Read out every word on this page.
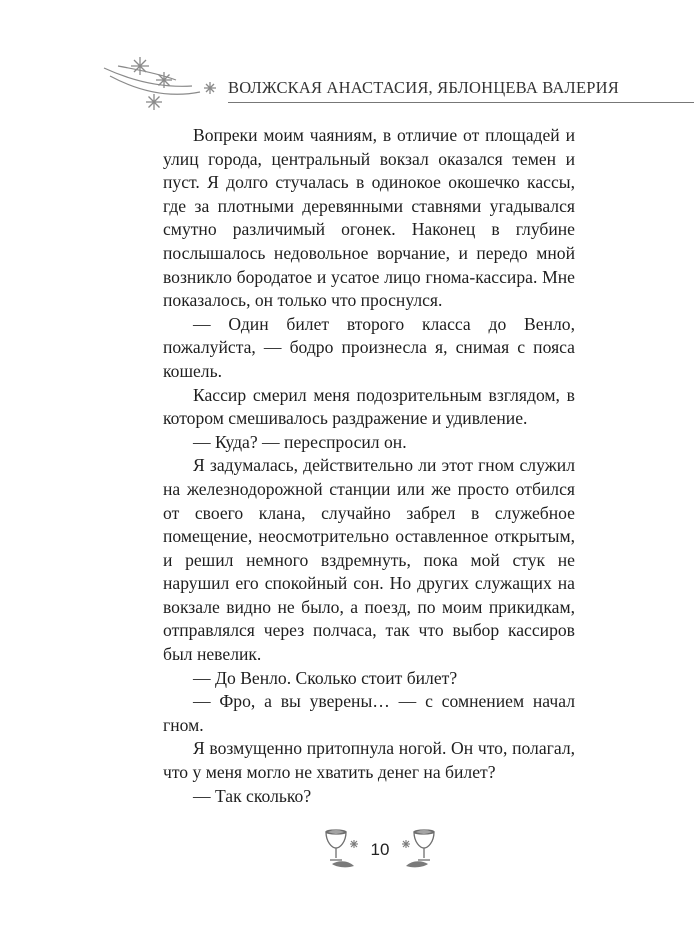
ВОЛЖСКАЯ АНАСТАСИЯ, ЯБЛОНЦЕВА ВАЛЕРИЯ

Вопреки моим чаяниям, в отличие от площадей и улиц города, центральный вокзал оказался темен и пуст. Я долго стучалась в одинокое окошечко кассы, где за плотными деревянными ставнями угадывался смутно различимый огонек. Наконец в глубине послышалось недовольное ворчание, и передо мной возникло бородатое и усатое лицо гнома-кассира. Мне показалось, он только что проснулся.

— Один билет второго класса до Венло, пожалуйста, — бодро произнесла я, снимая с пояса кошель.

Кассир смерил меня подозрительным взглядом, в котором смешивалось раздражение и удивление.

— Куда? — переспросил он.

Я задумалась, действительно ли этот гном служил на железнодорожной станции или же просто отбился от своего клана, случайно забрел в служебное помещение, неосмотрительно оставленное открытым, и решил немного вздремнуть, пока мой стук не нарушил его спокойный сон. Но других служащих на вокзале видно не было, а поезд, по моим прикидкам, отправлялся через полчаса, так что выбор кассиров был невелик.

— До Венло. Сколько стоит билет?

— Фро, а вы уверены… — с сомнением начал гном.

Я возмущенно притопнула ногой. Он что, полагал, что у меня могло не хватить денег на билет?

— Так сколько?

10
